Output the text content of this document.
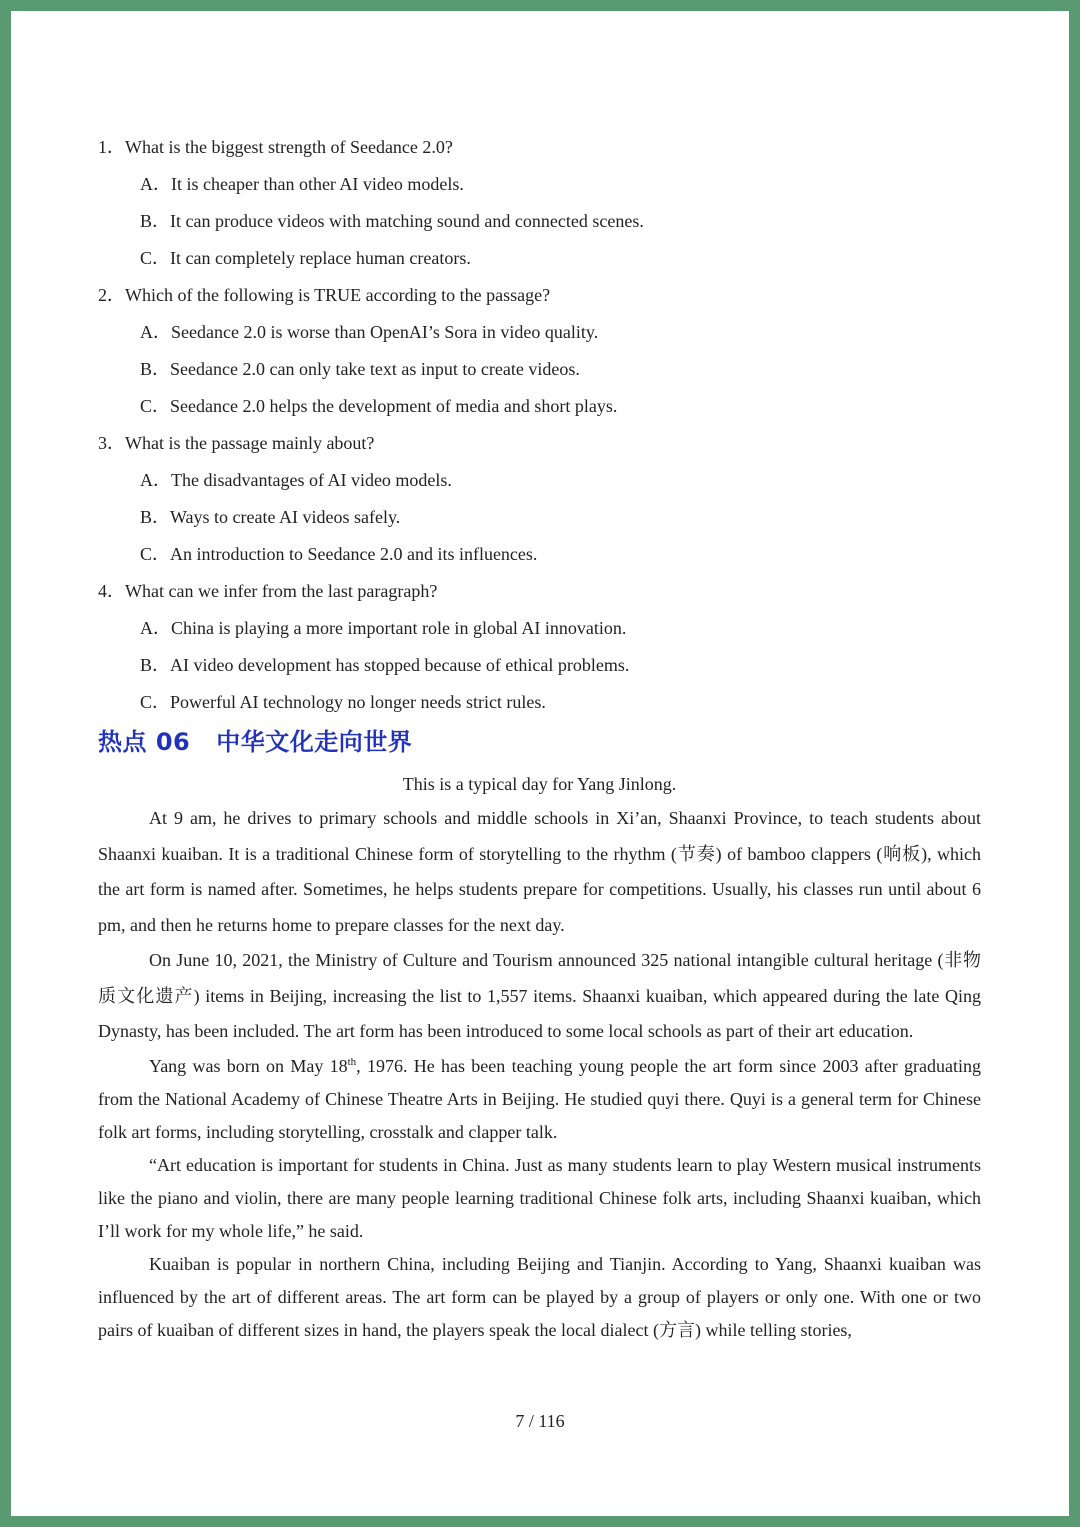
1．What is the biggest strength of Seedance 2.0?
A．It is cheaper than other AI video models.
B．It can produce videos with matching sound and connected scenes.
C．It can completely replace human creators.
2．Which of the following is TRUE according to the passage?
A．Seedance 2.0 is worse than OpenAI’s Sora in video quality.
B．Seedance 2.0 can only take text as input to create videos.
C．Seedance 2.0 helps the development of media and short plays.
3．What is the passage mainly about?
A．The disadvantages of AI video models.
B．Ways to create AI videos safely.
C．An introduction to Seedance 2.0 and its influences.
4．What can we infer from the last paragraph?
A．China is playing a more important role in global AI innovation.
B．AI video development has stopped because of ethical problems.
C．Powerful AI technology no longer needs strict rules.
热点 06 中华文化走向世界
This is a typical day for Yang Jinlong.

At 9 am, he drives to primary schools and middle schools in Xi’an, Shaanxi Province, to teach students about Shaanxi kuaiban. It is a traditional Chinese form of storytelling to the rhythm (节奏) of bamboo clappers (响板), which the art form is named after. Sometimes, he helps students prepare for competitions. Usually, his classes run until about 6 pm, and then he returns home to prepare classes for the next day.

On June 10, 2021, the Ministry of Culture and Tourism announced 325 national intangible cultural heritage (非物质文化遗产) items in Beijing, increasing the list to 1,557 items. Shaanxi kuaiban, which appeared during the late Qing Dynasty, has been included. The art form has been introduced to some local schools as part of their art education.

Yang was born on May 18th, 1976. He has been teaching young people the art form since 2003 after graduating from the National Academy of Chinese Theatre Arts in Beijing. He studied quyi there. Quyi is a general term for Chinese folk art forms, including storytelling, crosstalk and clapper talk.

“Art education is important for students in China. Just as many students learn to play Western musical instruments like the piano and violin, there are many people learning traditional Chinese folk arts, including Shaanxi kuaiban, which I’ll work for my whole life,” he said.

Kuaiban is popular in northern China, including Beijing and Tianjin. According to Yang, Shaanxi kuaiban was influenced by the art of different areas. The art form can be played by a group of players or only one. With one or two pairs of kuaiban of different sizes in hand, the players speak the local dialect (方言) while telling stories,

7 / 116
